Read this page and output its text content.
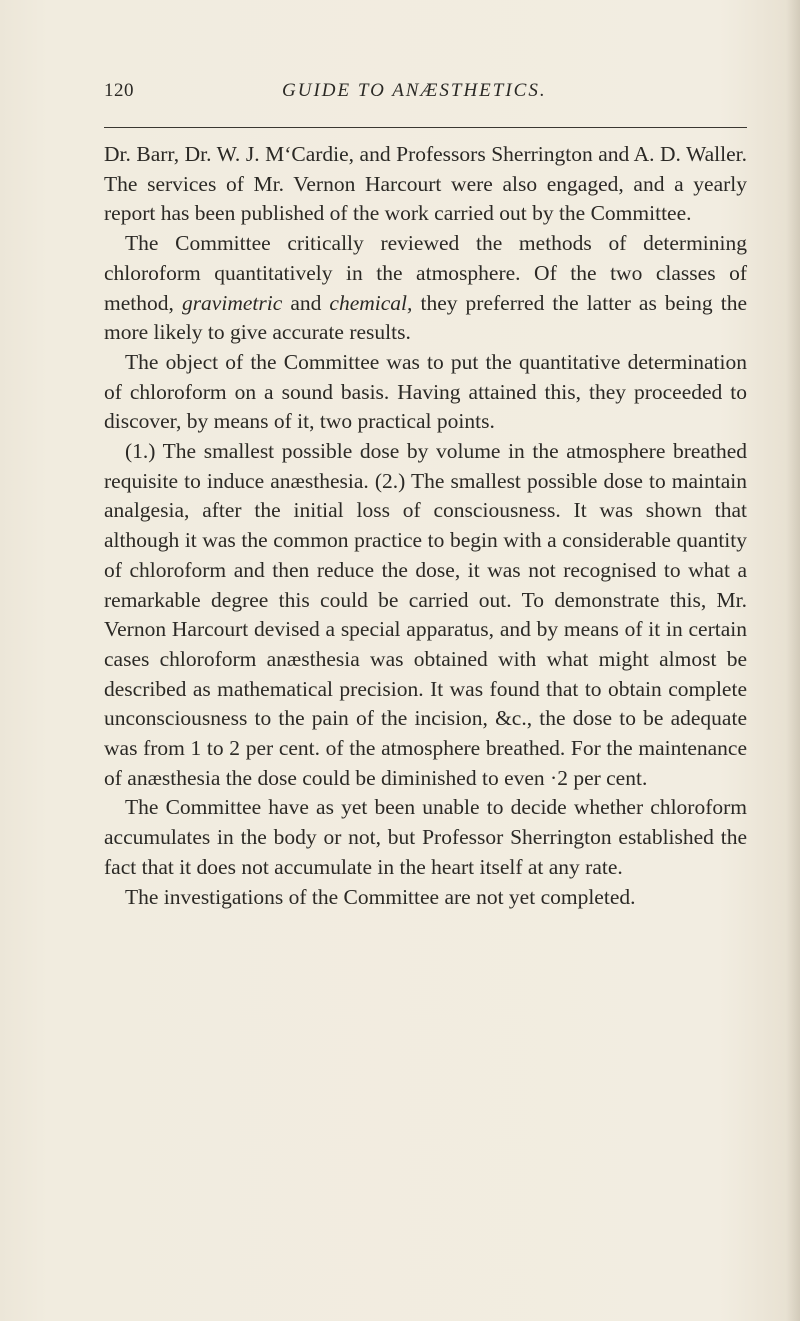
120	GUIDE TO ANÆSTHETICS.

Dr. Barr, Dr. W. J. M‘Cardie, and Professors Sherrington and A. D. Waller. The services of Mr. Vernon Harcourt were also engaged, and a yearly report has been published of the work carried out by the Committee.

The Committee critically reviewed the methods of determining chloroform quantitatively in the atmosphere. Of the two classes of method, gravimetric and chemical, they preferred the latter as being the more likely to give accurate results.

The object of the Committee was to put the quantitative determination of chloroform on a sound basis. Having attained this, they proceeded to discover, by means of it, two practical points.

(1.) The smallest possible dose by volume in the atmosphere breathed requisite to induce anæsthesia. (2.) The smallest possible dose to maintain analgesia, after the initial loss of consciousness. It was shown that although it was the common practice to begin with a considerable quantity of chloroform and then reduce the dose, it was not recognised to what a remarkable degree this could be carried out. To demonstrate this, Mr. Vernon Harcourt devised a special apparatus, and by means of it in certain cases chloroform anæsthesia was obtained with what might almost be described as mathematical precision. It was found that to obtain complete unconsciousness to the pain of the incision, &c., the dose to be adequate was from 1 to 2 per cent. of the atmosphere breathed. For the maintenance of anæsthesia the dose could be diminished to even ·2 per cent.

The Committee have as yet been unable to decide whether chloroform accumulates in the body or not, but Professor Sherrington established the fact that it does not accumulate in the heart itself at any rate.

The investigations of the Committee are not yet completed.
